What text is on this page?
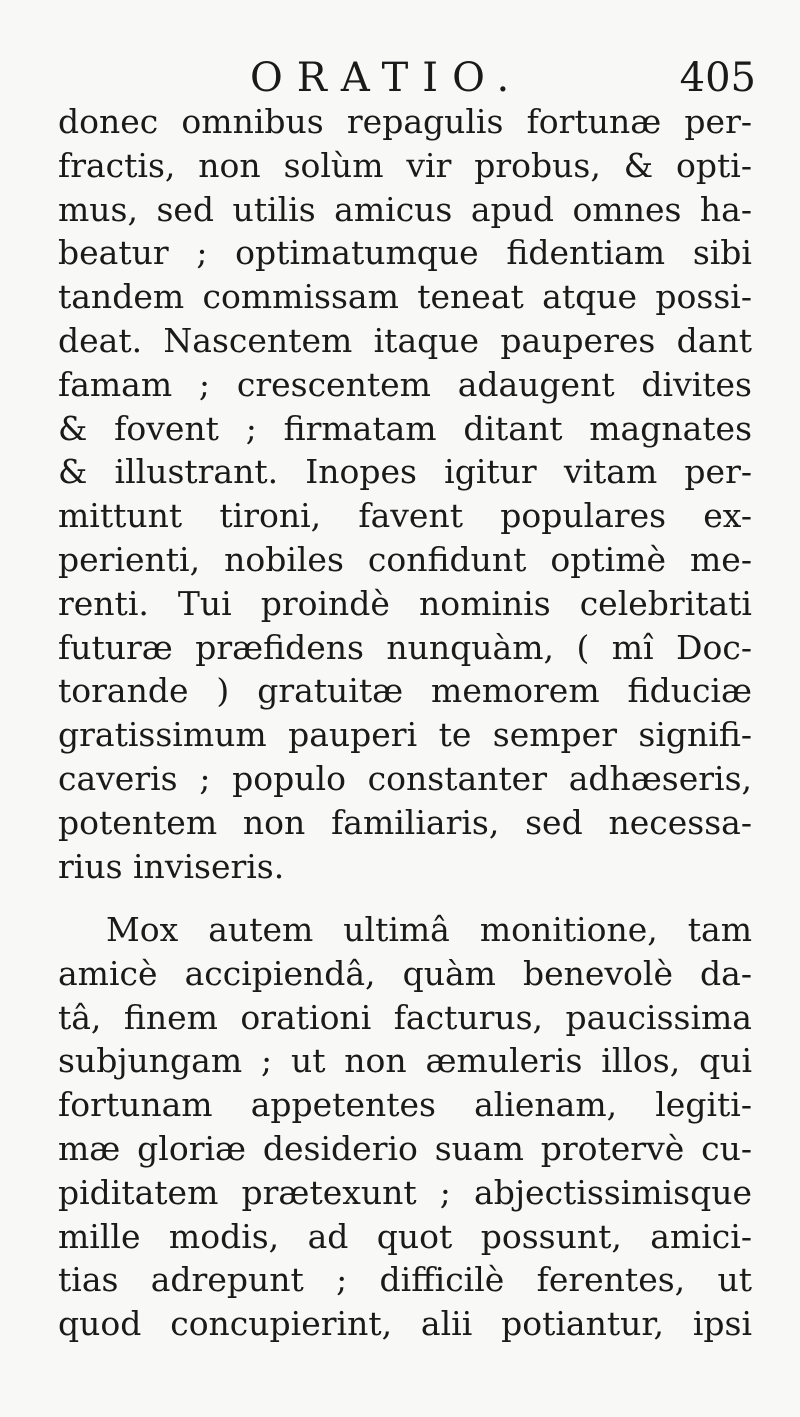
ORATIO.	405
donec omnibus repagulis fortunæ per-
fractis, non solùm vir probus, & opti-
mus, sed utilis amicus apud omnes ha-
beatur ; optimatumque fidentiam sibi
tandem commissam teneat atque possi-
deat. Nascentem itaque pauperes dant
famam ; crescentem adaugent divites
& fovent ; firmatam ditant magnates
& illustrant. Inopes igitur vitam per-
mittunt tironi, favent populares ex-
perienti, nobiles confidunt optimè me-
renti. Tui proindè nominis celebritati
futuræ præfidens nunquàm, ( mî Doc-
torande ) gratuitæ memorem fiduciæ
gratissimum pauperi te semper signifi-
caveris ; populo constanter adhæseris,
potentem non familiaris, sed necessa-
rius inviseris.
Mox autem ultimâ monitione, tam
amicè accipiendâ, quàm benevolè da-
tâ, finem orationi facturus, paucissima
subjungam ; ut non æmuleris illos, qui
fortunam appetentes alienam, legiti-
mæ gloriæ desiderio suam protervè cu-
piditatem prætexunt ; abjectissimisque
mille modis, ad quot possunt, amici-
tias adrepunt ; difficilè ferentes, ut
quod concupierint, alii potiantur, ipsi
